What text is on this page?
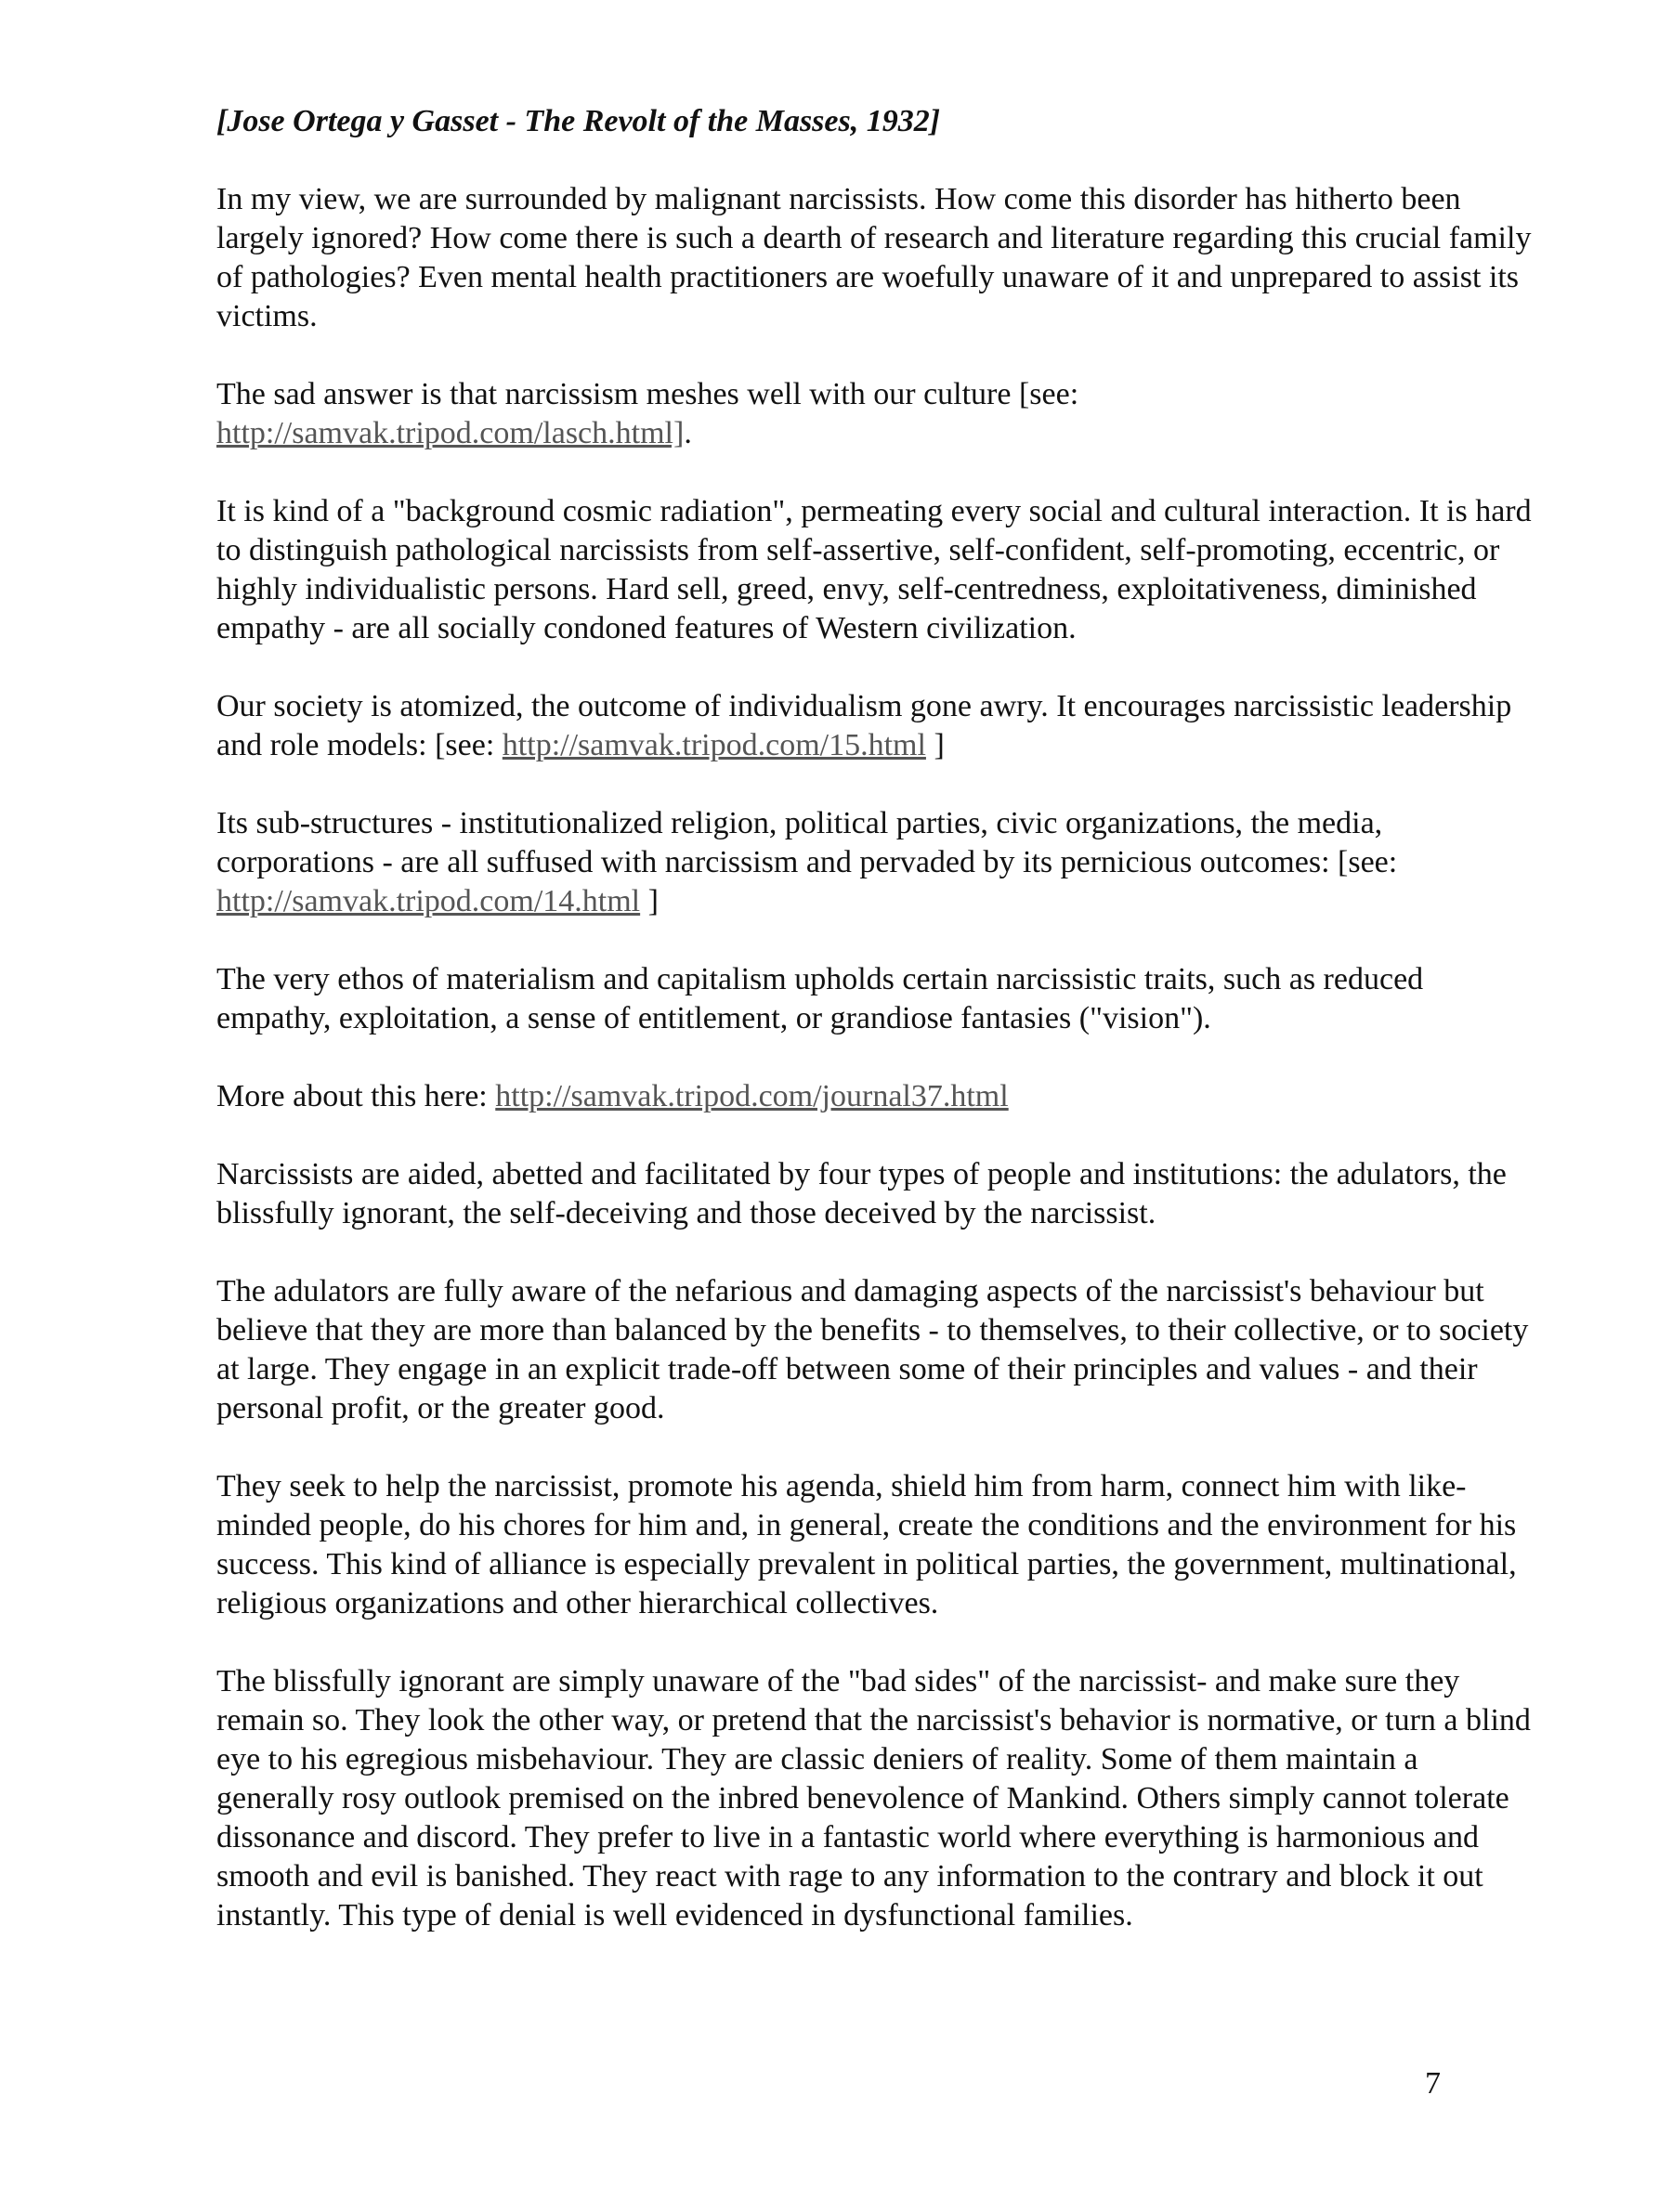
[Jose Ortega y Gasset - The Revolt of the Masses, 1932]

In my view, we are surrounded by malignant narcissists. How come this disorder has hitherto been largely ignored? How come there is such a dearth of research and literature regarding this crucial family of pathologies? Even mental health practitioners are woefully unaware of it and unprepared to assist its victims.

The sad answer is that narcissism meshes well with our culture [see: http://samvak.tripod.com/lasch.html].

It is kind of a "background cosmic radiation", permeating every social and cultural interaction. It is hard to distinguish pathological narcissists from self-assertive, self-confident, self-promoting, eccentric, or highly individualistic persons. Hard sell, greed, envy, self-centredness, exploitativeness, diminished empathy - are all socially condoned features of Western civilization.

Our society is atomized, the outcome of individualism gone awry. It encourages narcissistic leadership and role models: [see: http://samvak.tripod.com/15.html ]

Its sub-structures - institutionalized religion, political parties, civic organizations, the media, corporations - are all suffused with narcissism and pervaded by its pernicious outcomes: [see: http://samvak.tripod.com/14.html ]

The very ethos of materialism and capitalism upholds certain narcissistic traits, such as reduced empathy, exploitation, a sense of entitlement, or grandiose fantasies ("vision").

More about this here: http://samvak.tripod.com/journal37.html

Narcissists are aided, abetted and facilitated by four types of people and institutions: the adulators, the blissfully ignorant, the self-deceiving and those deceived by the narcissist.

The adulators are fully aware of the nefarious and damaging aspects of the narcissist's behaviour but believe that they are more than balanced by the benefits - to themselves, to their collective, or to society at large. They engage in an explicit trade-off between some of their principles and values - and their personal profit, or the greater good.

They seek to help the narcissist, promote his agenda, shield him from harm, connect him with like-minded people, do his chores for him and, in general, create the conditions and the environment for his success. This kind of alliance is especially prevalent in political parties, the government, multinational, religious organizations and other hierarchical collectives.

The blissfully ignorant are simply unaware of the "bad sides" of the narcissist- and make sure they remain so. They look the other way, or pretend that the narcissist's behavior is normative, or turn a blind eye to his egregious misbehaviour. They are classic deniers of reality. Some of them maintain a generally rosy outlook premised on the inbred benevolence of Mankind. Others simply cannot tolerate dissonance and discord. They prefer to live in a fantastic world where everything is harmonious and smooth and evil is banished. They react with rage to any information to the contrary and block it out instantly. This type of denial is well evidenced in dysfunctional families.

7
